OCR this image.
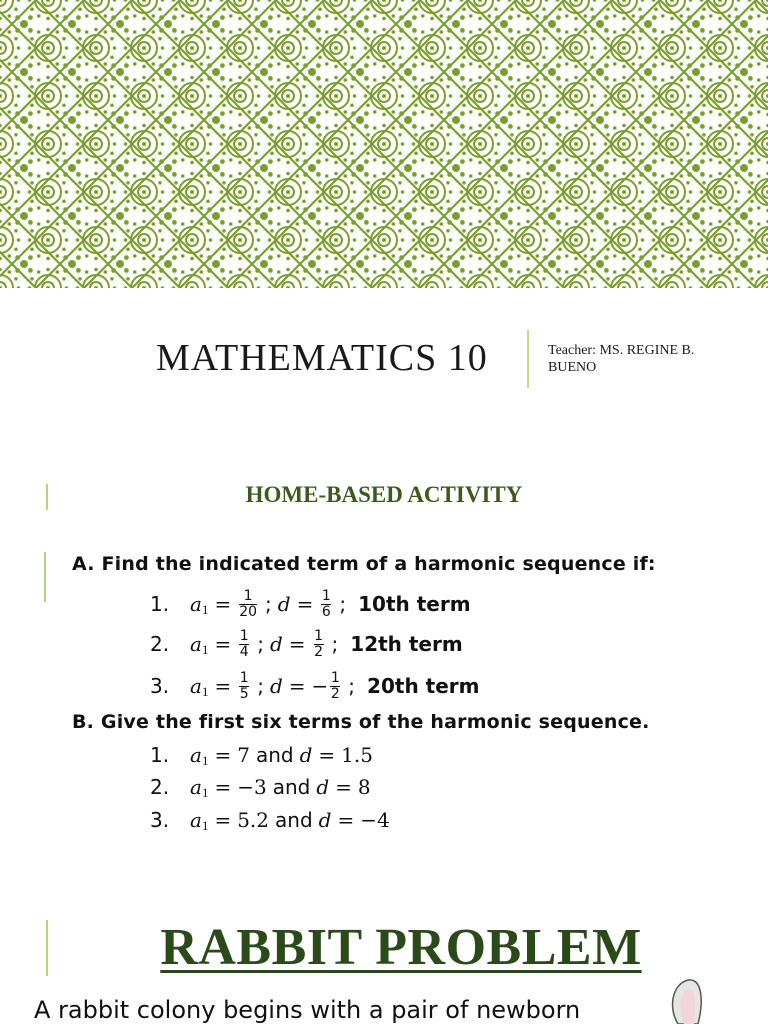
MATHEMATICS 10	Teacher: MS. REGINE B. BUENO
HOME-BASED ACTIVITY
A. Find the indicated term of a harmonic sequence if:
1.	a $1 = \frac{1}{20}$ ; $d = \frac{1}{6}$ ; 10th term
2.	a $1 = \frac{1}{4}$ ; $d = \frac{1}{2}$ ; 12th term
3.	a $1 = \frac{1}{5}$ ; d = − $\frac{1}{2}$ ; 20th term
B. Give the first six terms of the harmonic sequence.
1.	a 1 = 7 and d = 1.5
2.	a 1 = −3 and d = 8
3.	a 1 = 5.2 and d = −4
RABBIT PROBLEM
A rabbit colony begins with a pair of newborn
